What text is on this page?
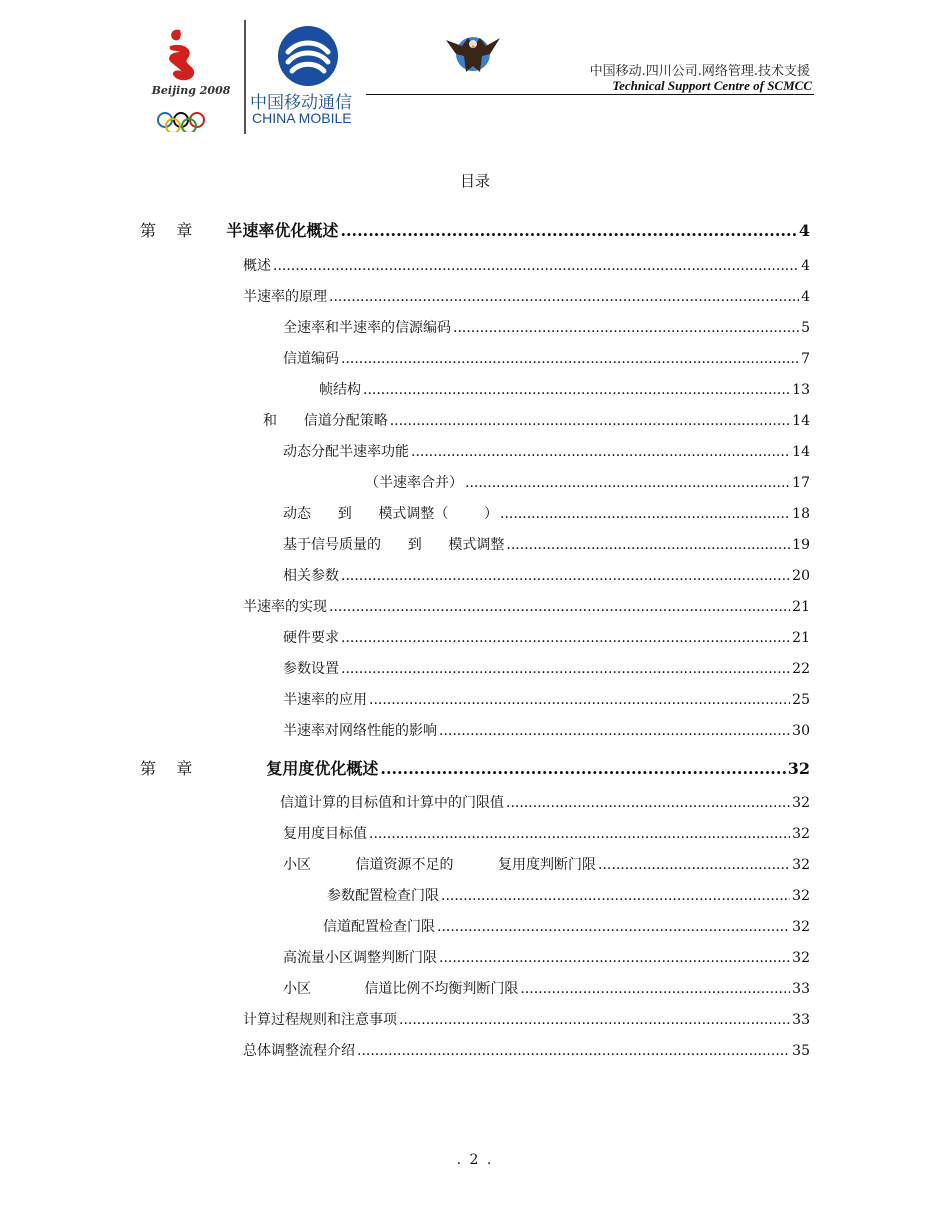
Beijing 2008
中国移动通信
CHINA MOBILE
中国移动.四川公司.网络管理.技术支援
Technical Support Centre of SCMCC
目录
第    章 半速率优化概述 .....	4
概述 .....	4
半速率的原理 .....	4
全速率和半速率的信源编码 .....	5
信道编码 .....	7
帧结构 .....	13
和      信道分配策略 .....	14
动态分配半速率功能 .....	14
（半速率合并） .....	17
动态      到      模式调整（        ） .....	18
基于信号质量的      到      模式调整 .....	19
相关参数 .....	20
半速率的实现 .....	21
硬件要求 .....	21
参数设置 .....	22
半速率的应用 .....	25
半速率对网络性能的影响 .....	30
第    章	复用度优化概述 .....	32
信道计算的目标值和计算中的门限值 .....	32
复用度目标值 .....	32
小区          信道资源不足的          复用度判断门限 .....	32
参数配置检查门限 .....	32
信道配置检查门限 .....	32
高流量小区调整判断门限 .....	32
小区            信道比例不均衡判断门限 .....	33
计算过程规则和注意事项 .....	33
总体调整流程介绍 .....	35
. 2 .
